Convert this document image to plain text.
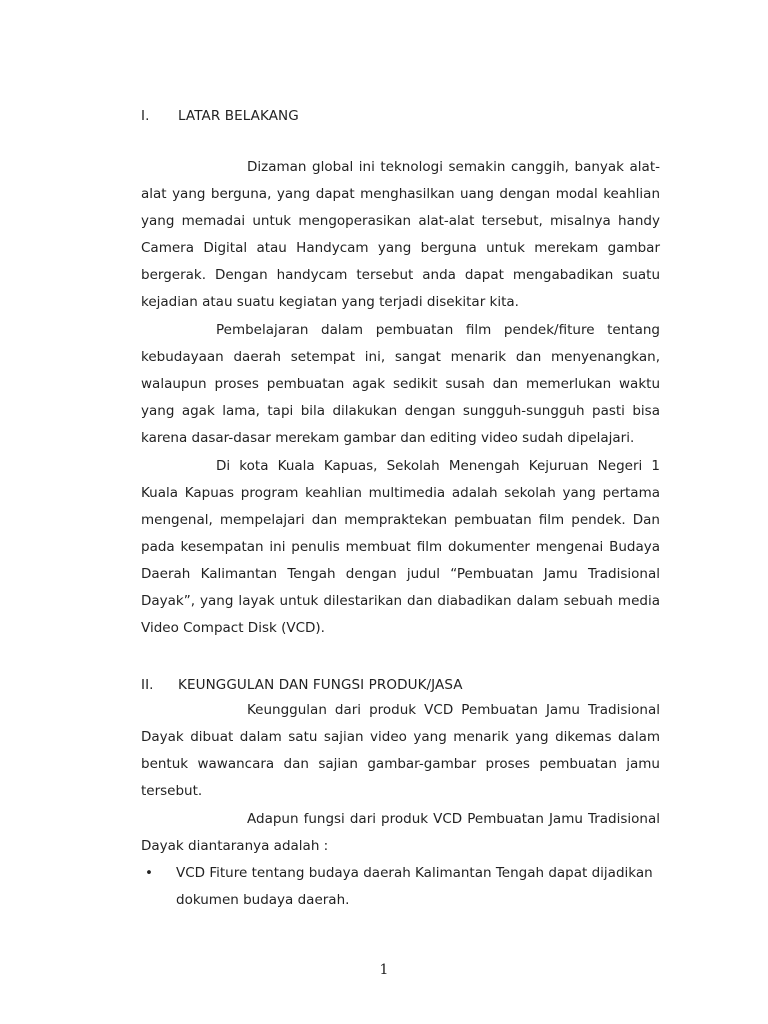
I. LATAR BELAKANG

Dizaman global ini teknologi semakin canggih, banyak alat-alat yang berguna, yang dapat menghasilkan uang dengan modal keahlian yang memadai untuk mengoperasikan alat-alat tersebut, misalnya handy Camera Digital atau Handycam yang berguna untuk merekam gambar bergerak. Dengan handycam tersebut anda dapat mengabadikan suatu kejadian atau suatu kegiatan yang terjadi disekitar kita.

Pembelajaran dalam pembuatan film pendek/fiture tentang kebudayaan daerah setempat ini, sangat menarik dan menyenangkan, walaupun proses pembuatan agak sedikit susah dan memerlukan waktu yang agak lama, tapi bila dilakukan dengan sungguh-sungguh pasti bisa karena dasar-dasar merekam gambar dan editing video sudah dipelajari.

Di kota Kuala Kapuas, Sekolah Menengah Kejuruan Negeri 1 Kuala Kapuas program keahlian multimedia adalah sekolah yang pertama mengenal, mempelajari dan mempraktekan pembuatan film pendek. Dan pada kesempatan ini penulis membuat film dokumenter mengenai Budaya Daerah Kalimantan Tengah dengan judul “Pembuatan Jamu Tradisional Dayak”, yang layak untuk dilestarikan dan diabadikan dalam sebuah media Video Compact Disk (VCD).

II. KEUNGGULAN DAN FUNGSI PRODUK/JASA

Keunggulan dari produk VCD Pembuatan Jamu Tradisional Dayak dibuat dalam satu sajian video yang menarik yang dikemas dalam bentuk wawancara dan sajian gambar-gambar proses pembuatan jamu tersebut.

Adapun fungsi dari produk VCD Pembuatan Jamu Tradisional Dayak diantaranya adalah :

• VCD Fiture tentang budaya daerah Kalimantan Tengah dapat dijadikan dokumen budaya daerah.
1
